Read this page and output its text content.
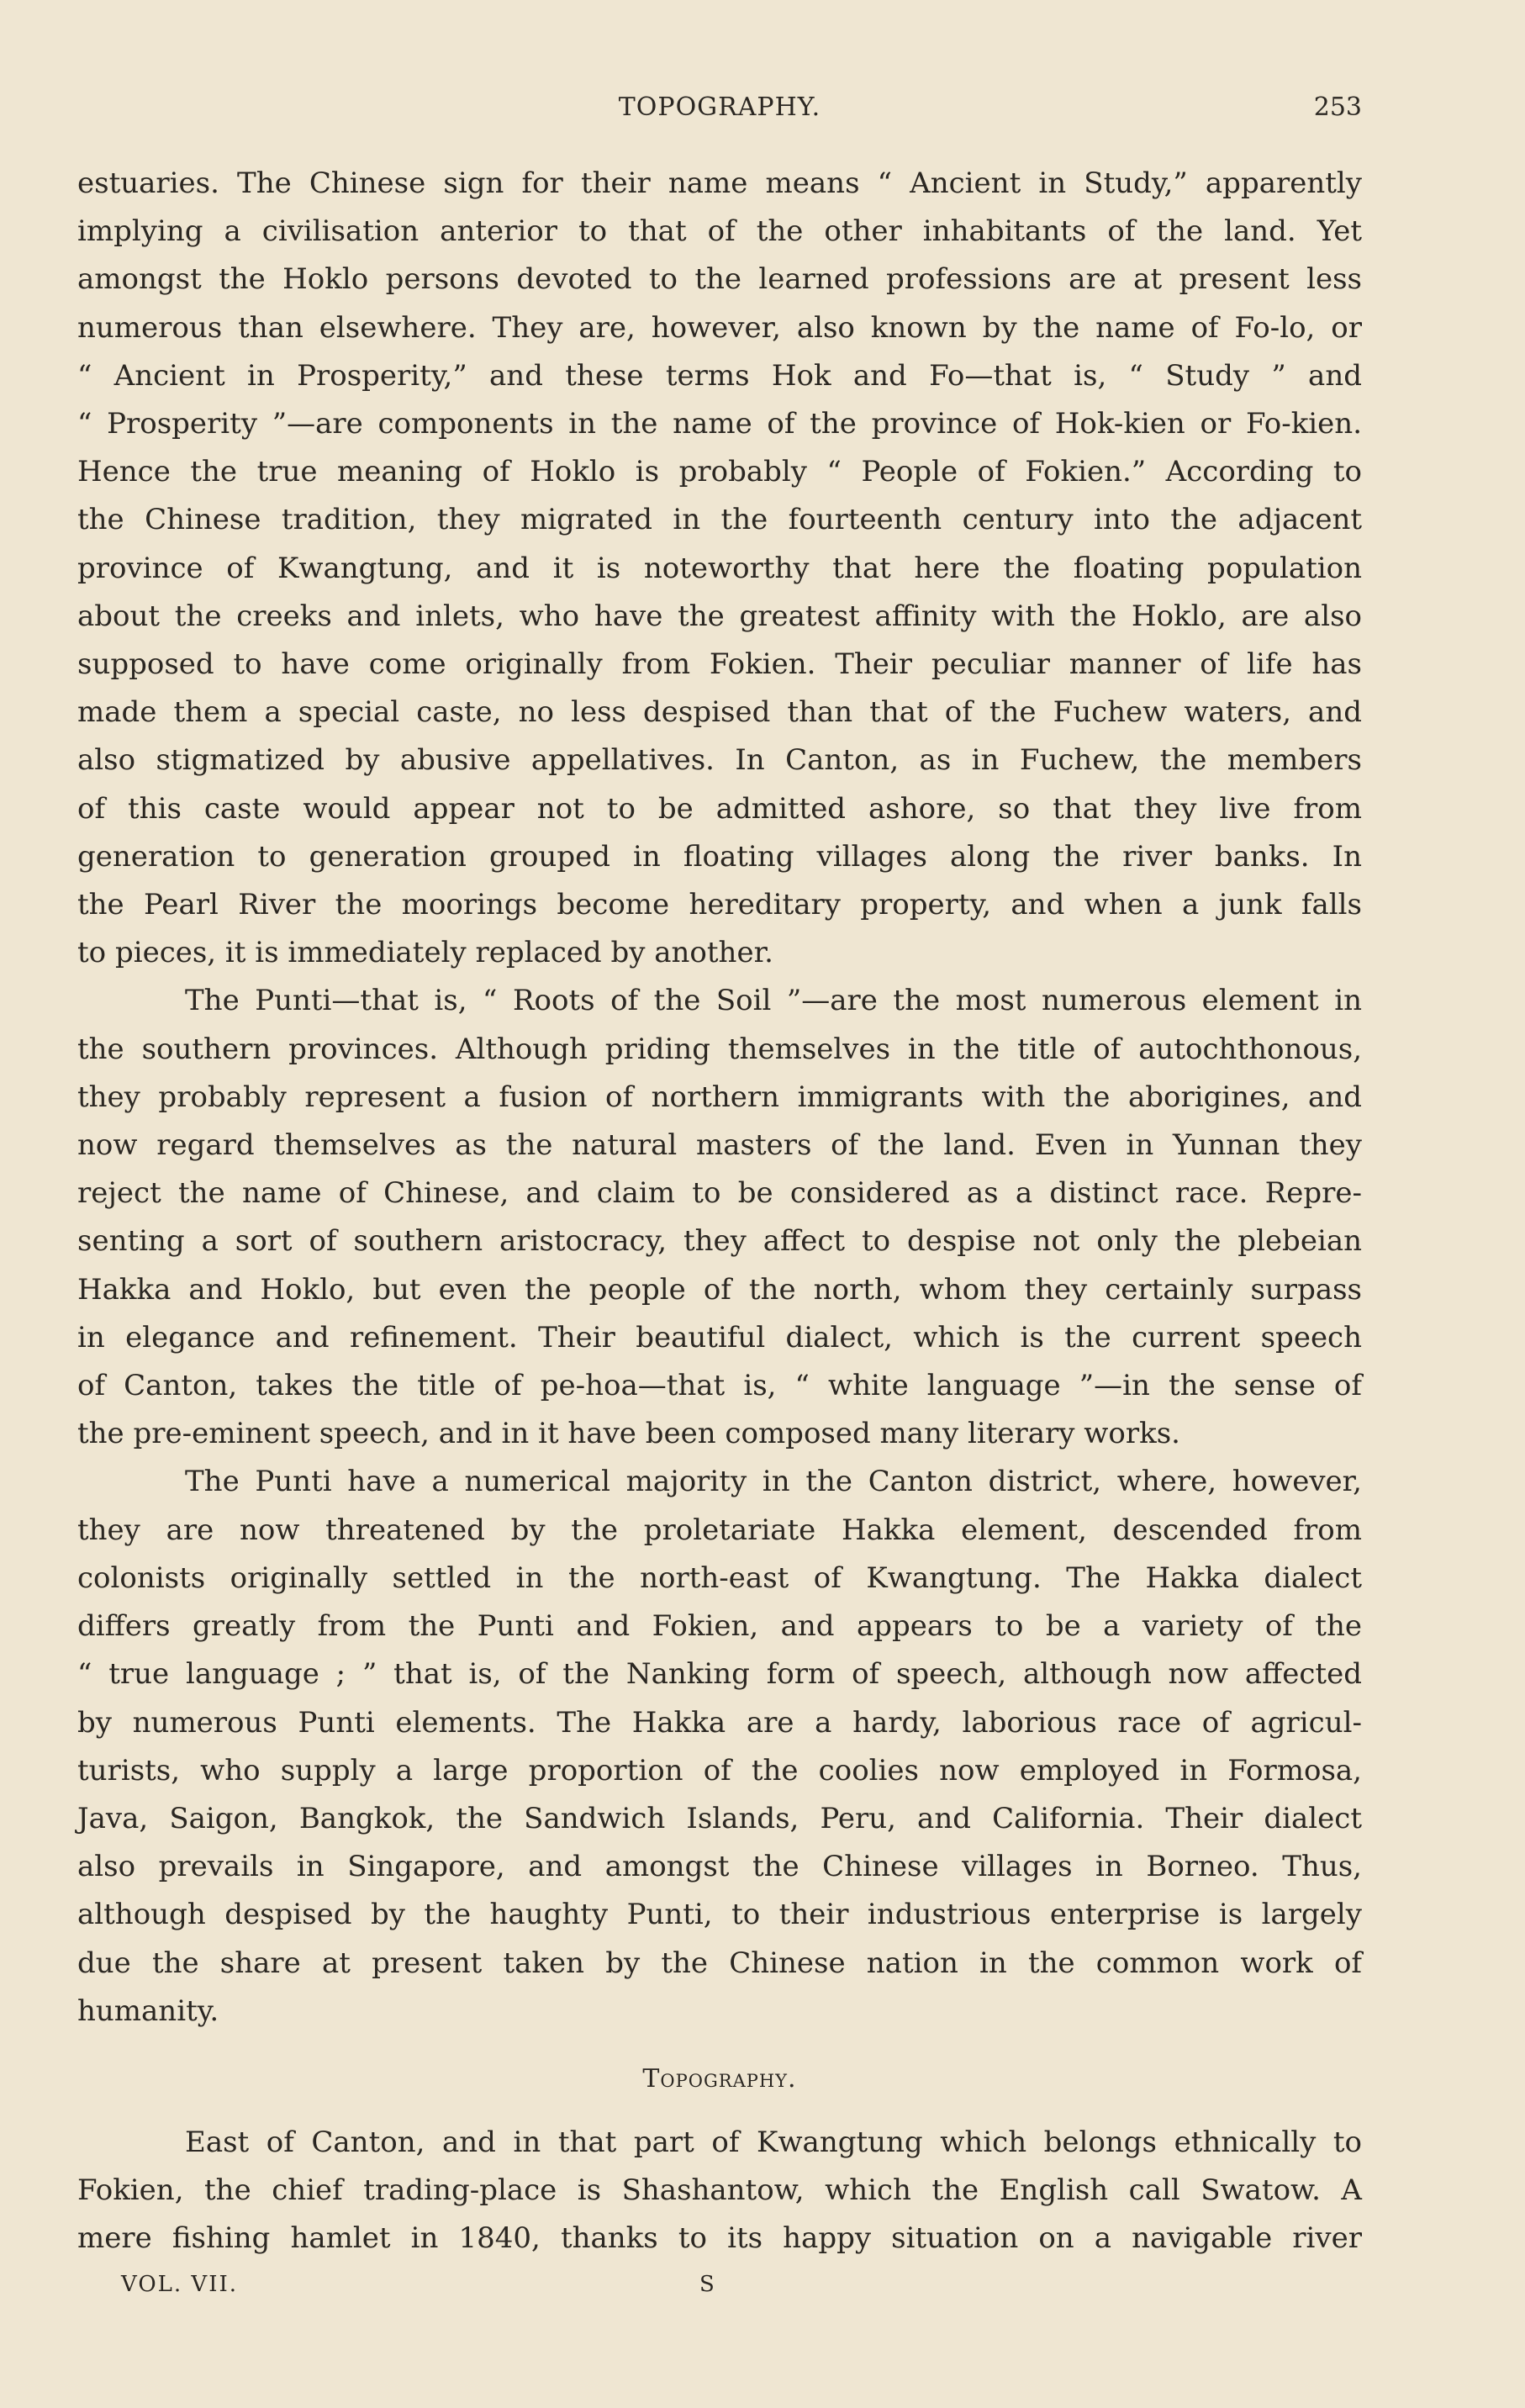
TOPOGRAPHY.	253

estuaries. The Chinese sign for their name means “ Ancient in Study,” apparently
implying a civilisation anterior to that of the other inhabitants of the land. Yet
amongst the Hoklo persons devoted to the learned professions are at present less
numerous than elsewhere. They are, however, also known by the name of Fo-lo, or
“ Ancient in Prosperity,” and these terms Hok and Fo—that is, “ Study ” and
“ Prosperity ”—are components in the name of the province of Hok-kien or Fo-kien.
Hence the true meaning of Hoklo is probably “ People of Fokien.” According to
the Chinese tradition, they migrated in the fourteenth century into the adjacent
province of Kwangtung, and it is noteworthy that here the floating population
about the creeks and inlets, who have the greatest affinity with the Hoklo, are also
supposed to have come originally from Fokien. Their peculiar manner of life has
made them a special caste, no less despised than that of the Fuchew waters, and
also stigmatized by abusive appellatives. In Canton, as in Fuchew, the members
of this caste would appear not to be admitted ashore, so that they live from
generation to generation grouped in floating villages along the river banks. In
the Pearl River the moorings become hereditary property, and when a junk falls
to pieces, it is immediately replaced by another.

The Punti—that is, “ Roots of the Soil ”—are the most numerous element in
the southern provinces. Although priding themselves in the title of autochthonous,
they probably represent a fusion of northern immigrants with the aborigines, and
now regard themselves as the natural masters of the land. Even in Yunnan they
reject the name of Chinese, and claim to be considered as a distinct race. Repre-
senting a sort of southern aristocracy, they affect to despise not only the plebeian
Hakka and Hoklo, but even the people of the north, whom they certainly surpass
in elegance and refinement. Their beautiful dialect, which is the current speech
of Canton, takes the title of pe-hoa—that is, “ white language ”—in the sense of
the pre-eminent speech, and in it have been composed many literary works.

The Punti have a numerical majority in the Canton district, where, however,
they are now threatened by the proletariate Hakka element, descended from
colonists originally settled in the north-east of Kwangtung. The Hakka dialect
differs greatly from the Punti and Fokien, and appears to be a variety of the
“ true language ; ” that is, of the Nanking form of speech, although now affected
by numerous Punti elements. The Hakka are a hardy, laborious race of agricul-
turists, who supply a large proportion of the coolies now employed in Formosa,
Java, Saigon, Bangkok, the Sandwich Islands, Peru, and California. Their dialect
also prevails in Singapore, and amongst the Chinese villages in Borneo. Thus,
although despised by the haughty Punti, to their industrious enterprise is largely
due the share at present taken by the Chinese nation in the common work of
humanity.

Topography.

East of Canton, and in that part of Kwangtung which belongs ethnically to
Fokien, the chief trading-place is Shashantow, which the English call Swatow. A
mere fishing hamlet in 1840, thanks to its happy situation on a navigable river

VOL. VII.	S
